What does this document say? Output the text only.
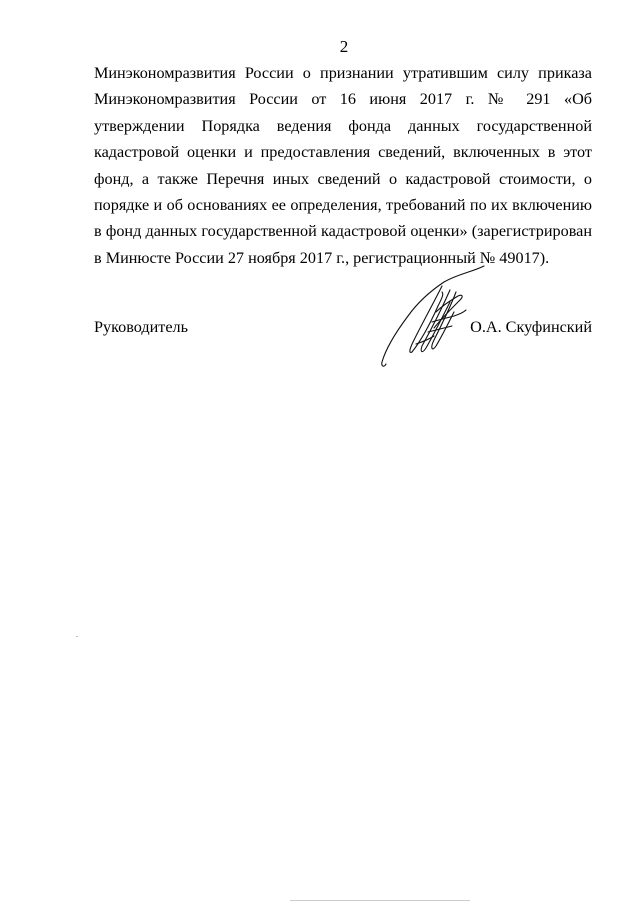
2

Минэкономразвития России о признании утратившим силу приказа Минэкономразвития России от 16 июня 2017 г. № 291 «Об утверждении Порядка ведения фонда данных государственной кадастровой оценки и предоставления сведений, включенных в этот фонд, а также Перечня иных сведений о кадастровой стоимости, о порядке и об основаниях ее определения, требований по их включению в фонд данных государственной кадастровой оценки» (зарегистрирован в Минюсте России 27 ноября 2017 г., регистрационный № 49017).

Руководитель	О.А. Скуфинский
